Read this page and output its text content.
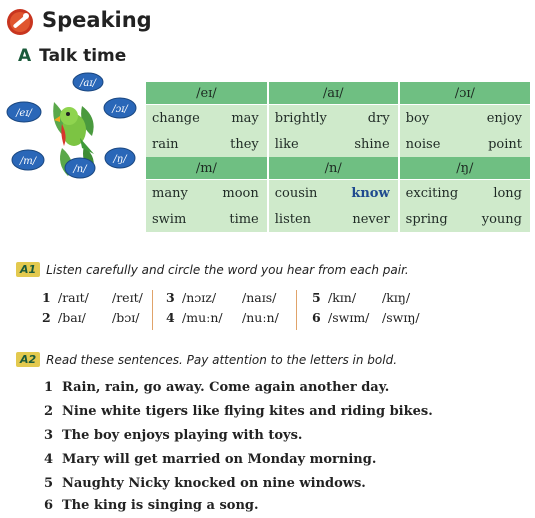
Speaking
A Talk time
/aɪ/
/eɪ/	/ɔɪ/
/m/
/n/
/ŋ/
/eɪ/	/aɪ/	/ɔɪ/

change may	brightly dry	boy enjoy

rain they	like shine	noise point

/m/	/n/	/ŋ/

many moon	cousin know	exciting long

swim time	listen never	spring young
A1 Listen carefully and circle the word you hear from each pair.
1 /raɪt/ /reɪt/
2 /baɪ/ /bɔɪ/
3 /nɔɪz/ /naɪs/
4 /muːn/ /nuːn/
5 /kɪn/ /kɪŋ/
6 /swɪm/ /swɪŋ/
A2 Read these sentences. Pay attention to the letters in bold.
1 Rain, rain, go away. Come again another day.
2 Nine white tigers like flying kites and riding bikes.
3 The boy enjoys playing with toys.
4 Mary will get married on Monday morning.
5 Naughty Nicky knocked on nine windows.
6 The king is singing a song.
